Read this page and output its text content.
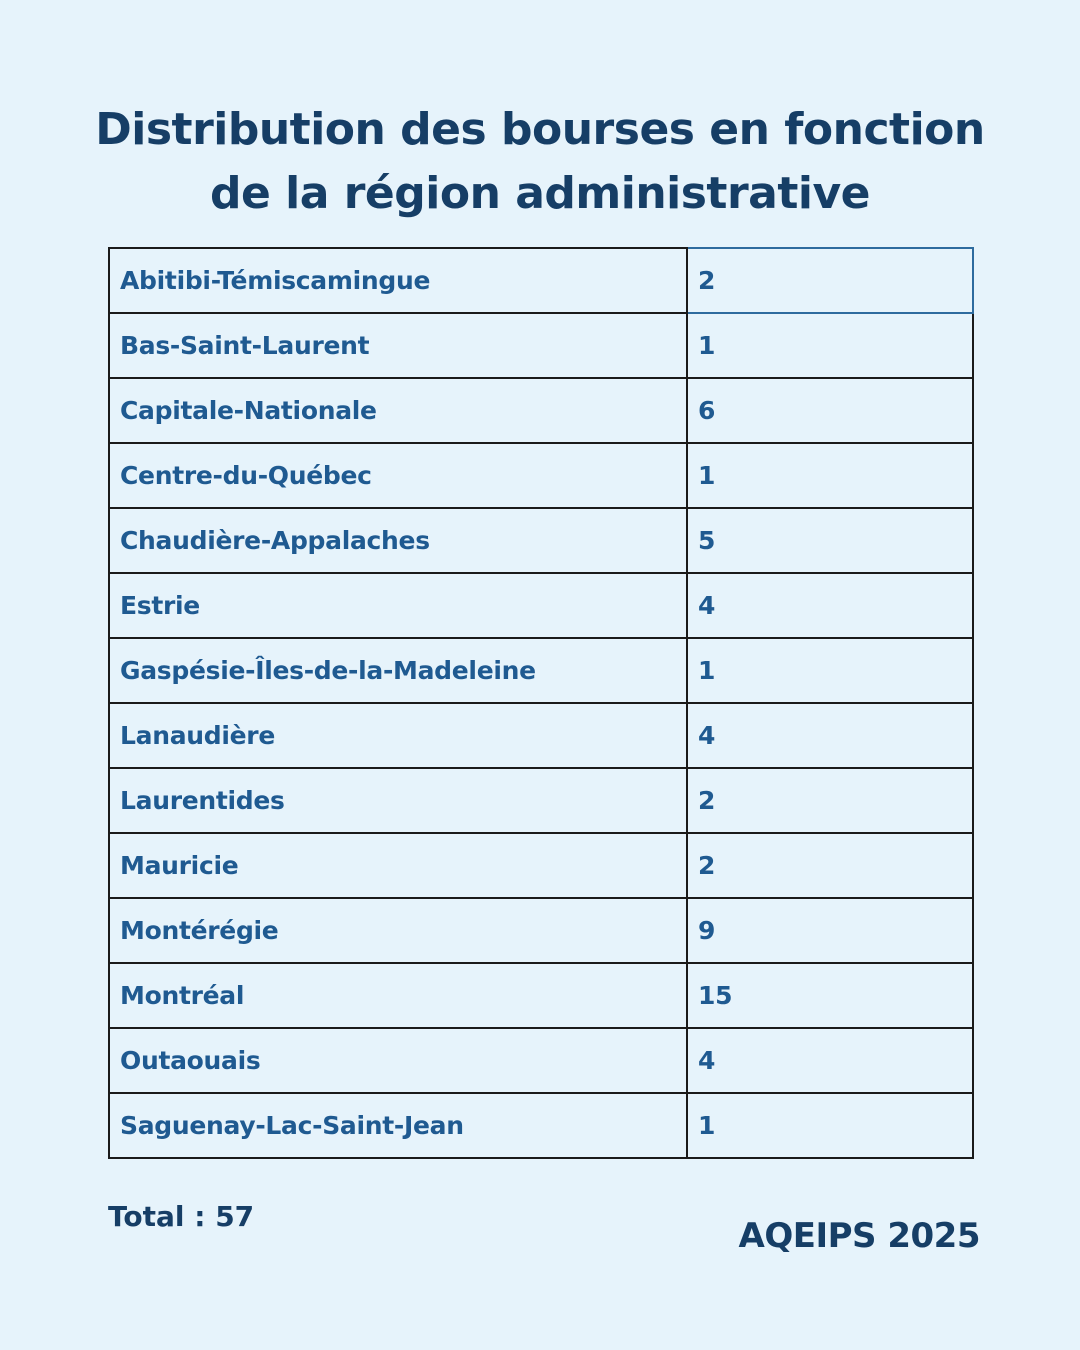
Distribution des bourses en fonction de la région administrative
Abitibi-Témiscamingue	2
Bas-Saint-Laurent	1
Capitale-Nationale	6
Centre-du-Québec	1
Chaudière-Appalaches	5
Estrie	4
Gaspésie-Îles-de-la-Madeleine	1
Lanaudière	4
Laurentides	2
Mauricie	2
Montérégie	9
Montréal	15
Outaouais	4
Saguenay-Lac-Saint-Jean	1
Total : 57	AQEIPS 2025
